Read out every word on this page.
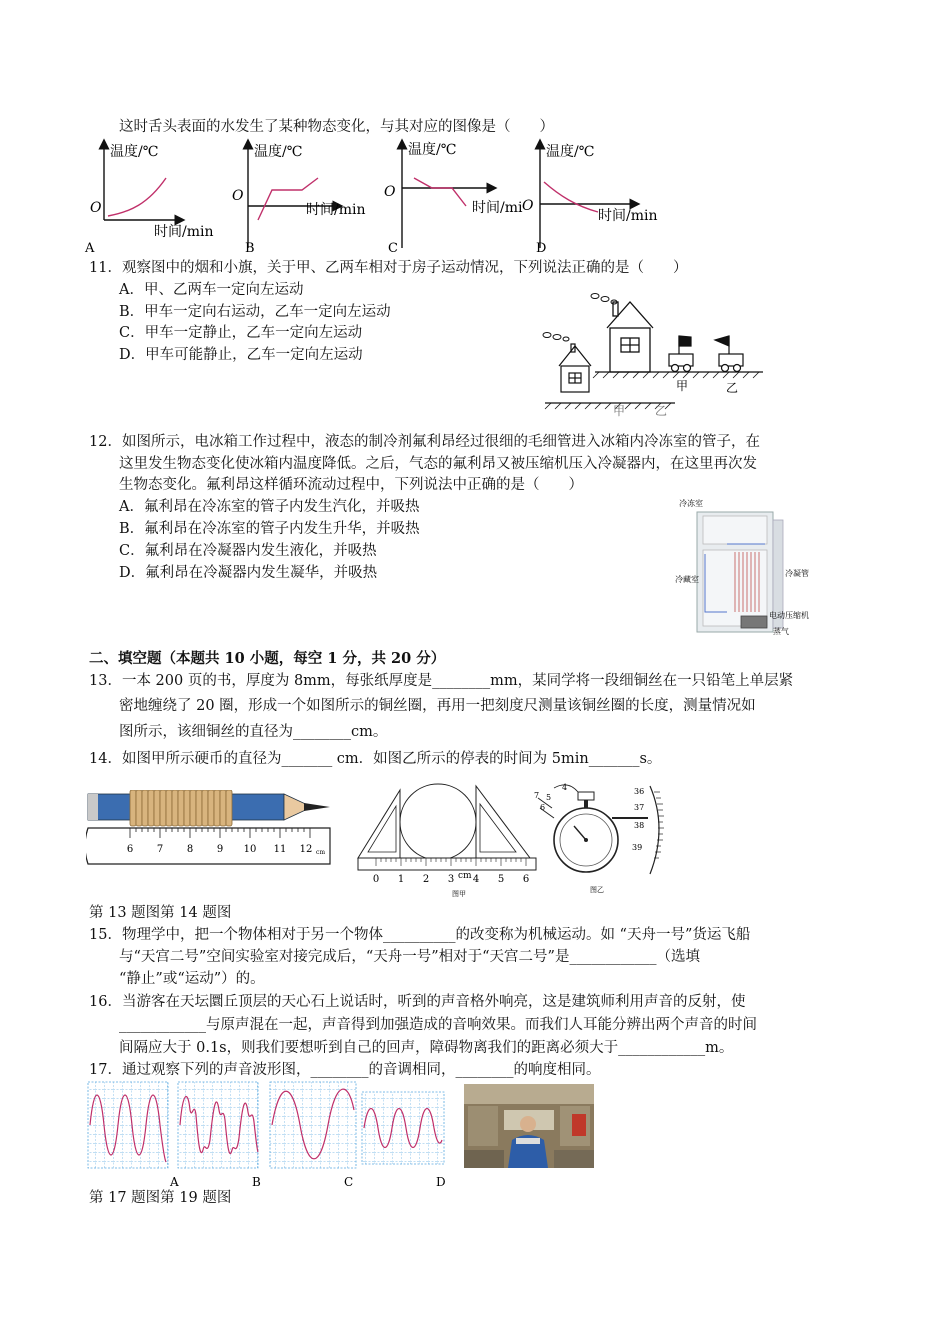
这时舌头表面的水发生了某种物态变化，与其对应的图像是（　　）
温度/℃
O
时间/min
A
温度/℃
O
时间/min
B
温度/℃
O
时间/mi
C
温度/℃
O
时间/min
D
11．观察图中的烟和小旗，关于甲、乙两车相对于房子运动情况，下列说法正确的是（　　）
A．甲、乙两车一定向左运动
B．甲车一定向右运动，乙车一定向左运动
C．甲车一定静止，乙车一定向左运动
D．甲车可能静止，乙车一定向左运动
甲	乙
甲 乙
12．如图所示，电冰箱工作过程中，液态的制冷剂氟利昂经过很细的毛细管进入冰箱内冷冻室的管子，在
这里发生物态变化使冰箱内温度降低。之后，气态的氟利昂又被压缩机压入冷凝器内，在这里再次发
生物态变化。氟利昂这样循环流动过程中，下列说法中正确的是（　　）
A．氟利昂在冷冻室的管子内发生汽化，并吸热
B．氟利昂在冷冻室的管子内发生升华，并吸热
C．氟利昂在冷凝器内发生液化，并吸热
D．氟利昂在冷凝器内发生凝华，并吸热
冷冻室
冷藏室
冷凝管
电动压缩机
蒸气
二、填空题（本题共 10 小题，每空 1 分，共 20 分）
13．一本 200 页的书，厚度为 8mm，每张纸厚度是________mm，某同学将一段细铜丝在一只铅笔上单层紧
密地缠绕了 20 圈，形成一个如图所示的铜丝圈，再用一把刻度尺测量该铜丝圈的长度，测量情况如
图所示，该细铜丝的直径为________cm。
14．如图甲所示硬币的直径为_______ cm．如图乙所示的停表的时间为 5min_______s。
6 7 8 9 10 11 12 cm
0 1 2 3 4 5 6
cm
图甲
4
5
6
7	36
37
38
39
图乙
第 13 题图第 14 题图
15．物理学中，把一个物体相对于另一个物体__________的改变称为机械运动。如 “天舟一号”货运飞船
与“天宫二号”空间实验室对接完成后，“天舟一号”相对于“天宫二号”是____________（选填
“静止”或“运动”）的。
16．当游客在天坛圜丘顶层的天心石上说话时，听到的声音格外响亮，这是建筑师利用声音的反射，使
____________与原声混在一起，声音得到加强造成的音响效果。而我们人耳能分辨出两个声音的时间
间隔应大于 0.1s，则我们要想听到自己的回声，障碍物离我们的距离必须大于____________m。
17．通过观察下列的声音波形图，________的音调相同，________的响度相同。
A	B	C	D
第 17 题图第 19 题图
